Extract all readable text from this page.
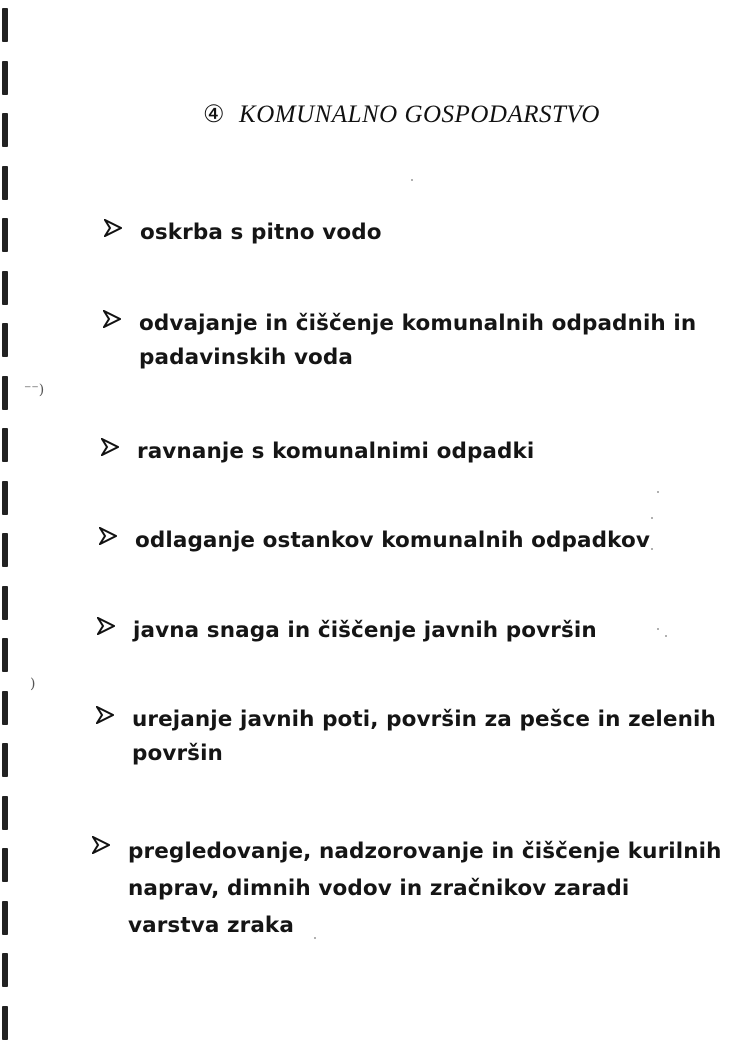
⁻⁻)
)
④ KOMUNALNO GOSPODARSTVO
oskrba s pitno vodo
odvajanje in čiščenje komunalnih odpadnih in
padavinskih voda
ravnanje s komunalnimi odpadki
odlaganje ostankov komunalnih odpadkov
javna snaga in čiščenje javnih površin
urejanje javnih poti, površin za pešce in zelenih
površin
pregledovanje, nadzorovanje in čiščenje kurilnih
naprav, dimnih vodov in zračnikov zaradi
varstva zraka
